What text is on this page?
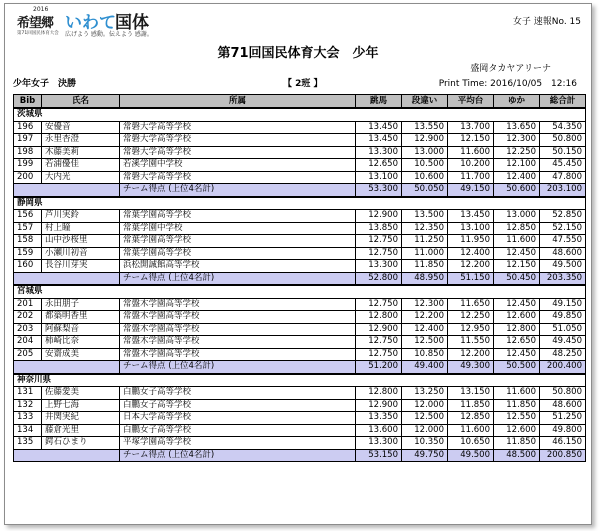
2016
希望郷 いわて 国体
第71回国民体育大会 広げよう 感動。伝えよう 感謝。
女子 速報No. 15
第71回国民体育大会　少年
盛岡タカヤアリーナ
少年女子　決勝	【 2班 】	Print Time: 2016/10/05　12:16
Bib	氏名	所属	跳馬	段違い	平均台	ゆか	総合計
茨城県							
196	安優音	常磐大学高等学校	13.450	13.550	13.700	13.650	54.350
197	永里杏澄	常磐大学高等学校	13.450	12.900	12.150	12.300	50.800
198	木藤美莉	常磐大学高等学校	13.300	13.000	11.600	12.250	50.150
199	若浦優佳	若溪学園中学校	12.650	10.500	10.200	12.100	45.450
200	大内光	常磐大学高等学校	13.100	10.600	11.700	12.400	47.800
		チーム得点 (上位4名計)	53.300	50.050	49.150	50.600	203.100
静岡県							
156	芦川実鈴	常葉学園高等学校	12.900	13.500	13.450	13.000	52.850
157	村上瞳	常葉学園中学校	13.850	12.350	13.100	12.850	52.150
158	山中沙桜里	常葉学園高等学校	12.750	11.250	11.950	11.600	47.550
159	小瀬川初音	常葉学園高等学校	12.750	11.000	12.400	12.450	48.600
160	長谷川芽実	浜松開誠館高等学校	13.300	11.850	12.200	12.150	49.500
		チーム得点 (上位4名計)	52.800	48.950	51.150	50.450	203.350
宮城県							
201	永田朋子	常盤木学園高等学校	12.750	12.300	11.650	12.450	49.150
202	都築明香里	常盤木学園高等学校	12.800	12.200	12.250	12.600	49.850
203	阿蘇梨音	常盤木学園高等学校	12.900	12.400	12.950	12.800	51.050
204	柿崎比奈	常盤木学園高等学校	12.750	12.500	11.550	12.650	49.450
205	安齋成美	常盤木学園高等学校	12.750	10.850	12.200	12.450	48.250
		チーム得点 (上位4名計)	51.200	49.400	49.300	50.500	200.400
神奈川県							
131	佐藤愛美	白鵬女子高等学校	12.800	13.250	13.150	11.600	50.800
132	上野七海	白鵬女子高等学校	12.900	12.000	11.850	11.850	48.600
133	井関実紀	日本大学高等学校	13.350	12.500	12.850	12.550	51.250
134	藤倉光里	白鵬女子高等学校	13.600	12.000	11.600	12.600	49.800
135	鍔石ひまり	平塚学園高等学校	13.300	10.350	10.650	11.850	46.150
		チーム得点 (上位4名計)	53.150	49.750	49.500	48.500	200.850
